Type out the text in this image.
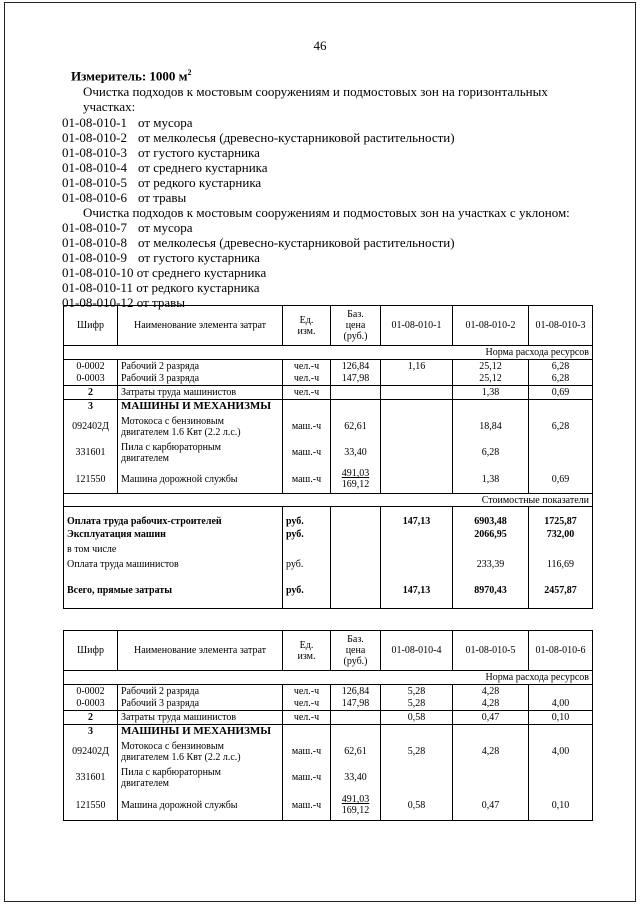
46
Измеритель: 1000 $м^2$
Очистка подходов к мостовым сооружениям и подмостовых зон на горизонтальных
участках:
01-08-010-1 от мусора
01-08-010-2 от мелколесья (древесно-кустарниковой растительности)
01-08-010-3 от густого кустарника
01-08-010-4 от среднего кустарника
01-08-010-5 от редкого кустарника
01-08-010-6 от травы
Очистка подходов к мостовым сооружениям и подмостовых зон на участках с уклоном:
01-08-010-7 от мусора
01-08-010-8 от мелколесья (древесно-кустарниковой растительности)
01-08-010-9 от густого кустарника
01-08-010-10 от среднего кустарника
01-08-010-11 от редкого кустарника
01-08-010-12 от травы
Шифр	Наименование элемента затрат	Ед.
изм.	Баз.
цена
(руб.)	01-08-010-1	01-08-010-2	01-08-010-3
Норма расхода ресурсов						
0-0002	Рабочий 2 разряда	чел.-ч	126,84	1,16	25,12	6,28
0-0003	Рабочий 3 разряда	чел.-ч	147,98		25,12	6,28
2	Затраты труда машинистов	чел.-ч			1,38	0,69
3	МАШИНЫ И МЕХАНИЗМЫ					
092402Д	Мотокоса с бензиновым
двигателем 1.6 Квт (2.2 л.с.)	маш.-ч	62,61		18,84	6,28
331601	Пила с карбюраторным
двигателем	маш.-ч	33,40		6,28	
121550	Машина дорожной службы	маш.-ч	491,03
169,12		1,38	0,69
Стоимостные показатели						
Оплата труда рабочих-строителей		руб.		147,13	6903,48	1725,87
Эксплуатация машин		руб.			2066,95	732,00
в том числе						
Оплата труда машинистов		руб.			233,39	116,69
Всего, прямые затраты		руб.		147,13	8970,43	2457,87
Шифр	Наименование элемента затрат	Ед.
изм.	Баз.
цена
(руб.)	01-08-010-4	01-08-010-5	01-08-010-6
Норма расхода ресурсов						
0-0002	Рабочий 2 разряда	чел.-ч	126,84	5,28	4,28	
0-0003	Рабочий 3 разряда	чел.-ч	147,98	5,28	4,28	4,00
2	Затраты труда машинистов	чел.-ч		0,58	0,47	0,10
3	МАШИНЫ И МЕХАНИЗМЫ					
092402Д	Мотокоса с бензиновым
двигателем 1.6 Квт (2.2 л.с.)	маш.-ч	62,61	5,28	4,28	4,00
331601	Пила с карбюраторным
двигателем	маш.-ч	33,40			
121550	Машина дорожной службы	маш.-ч	491,03
169,12	0,58	0,47	0,10
